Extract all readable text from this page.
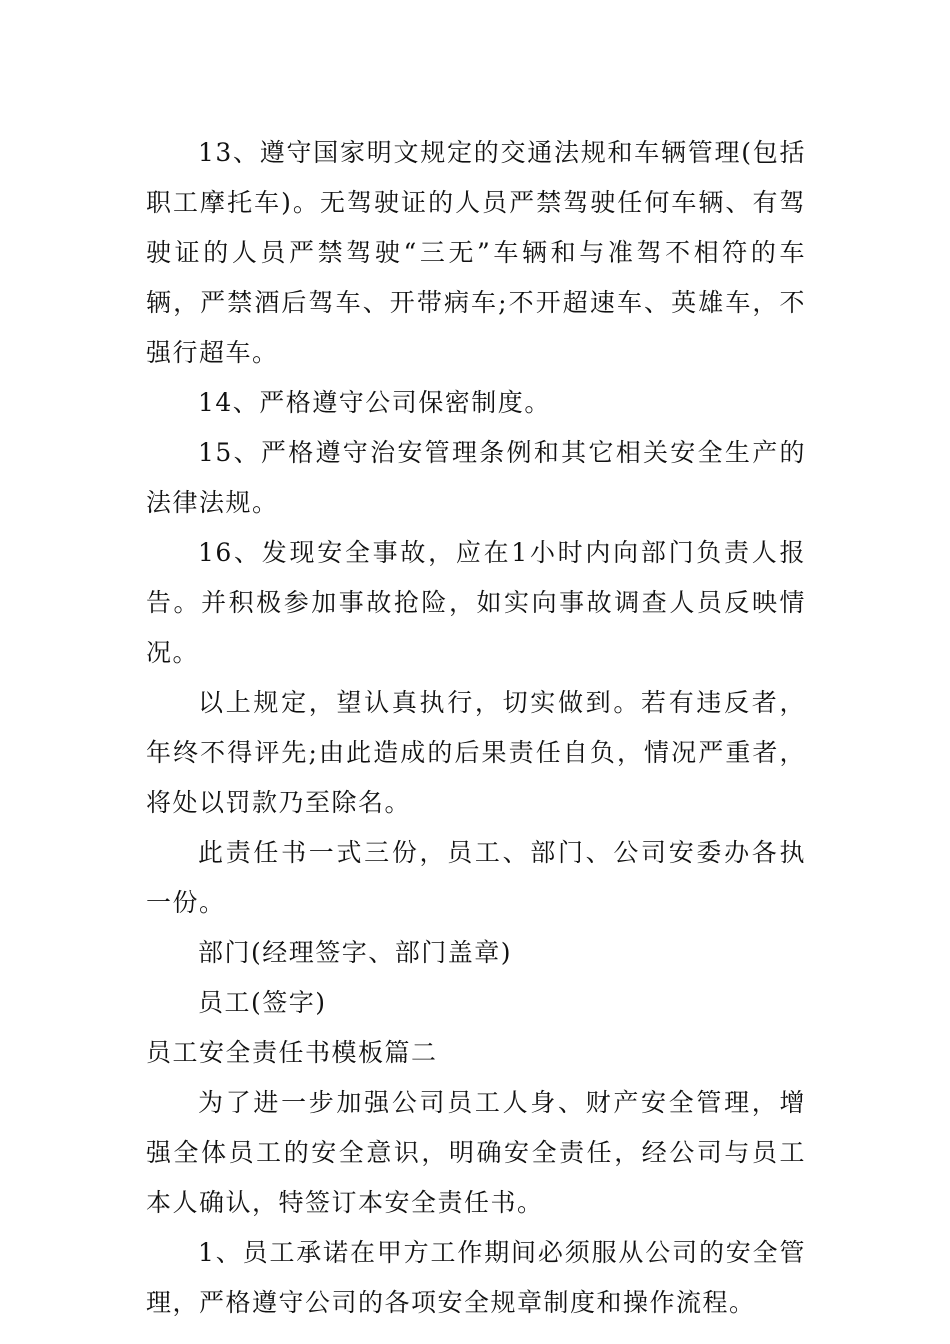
13、遵守国家明文规定的交通法规和车辆管理(包括职工摩托车)。无驾驶证的人员严禁驾驶任何车辆、有驾驶证的人员严禁驾驶“三无”车辆和与准驾不相符的车辆，严禁酒后驾车、开带病车;不开超速车、英雄车，不强行超车。

14、严格遵守公司保密制度。

15、严格遵守治安管理条例和其它相关安全生产的法律法规。

16、发现安全事故，应在1小时内向部门负责人报告。并积极参加事故抢险，如实向事故调查人员反映情况。

以上规定，望认真执行，切实做到。若有违反者，年终不得评先;由此造成的后果责任自负，情况严重者，将处以罚款乃至除名。

此责任书一式三份，员工、部门、公司安委办各执一份。

部门(经理签字、部门盖章)

员工(签字)

员工安全责任书模板篇二

为了进一步加强公司员工人身、财产安全管理，增强全体员工的安全意识，明确安全责任，经公司与员工本人确认，特签订本安全责任书。

1、员工承诺在甲方工作期间必须服从公司的安全管理，严格遵守公司的各项安全规章制度和操作流程。
